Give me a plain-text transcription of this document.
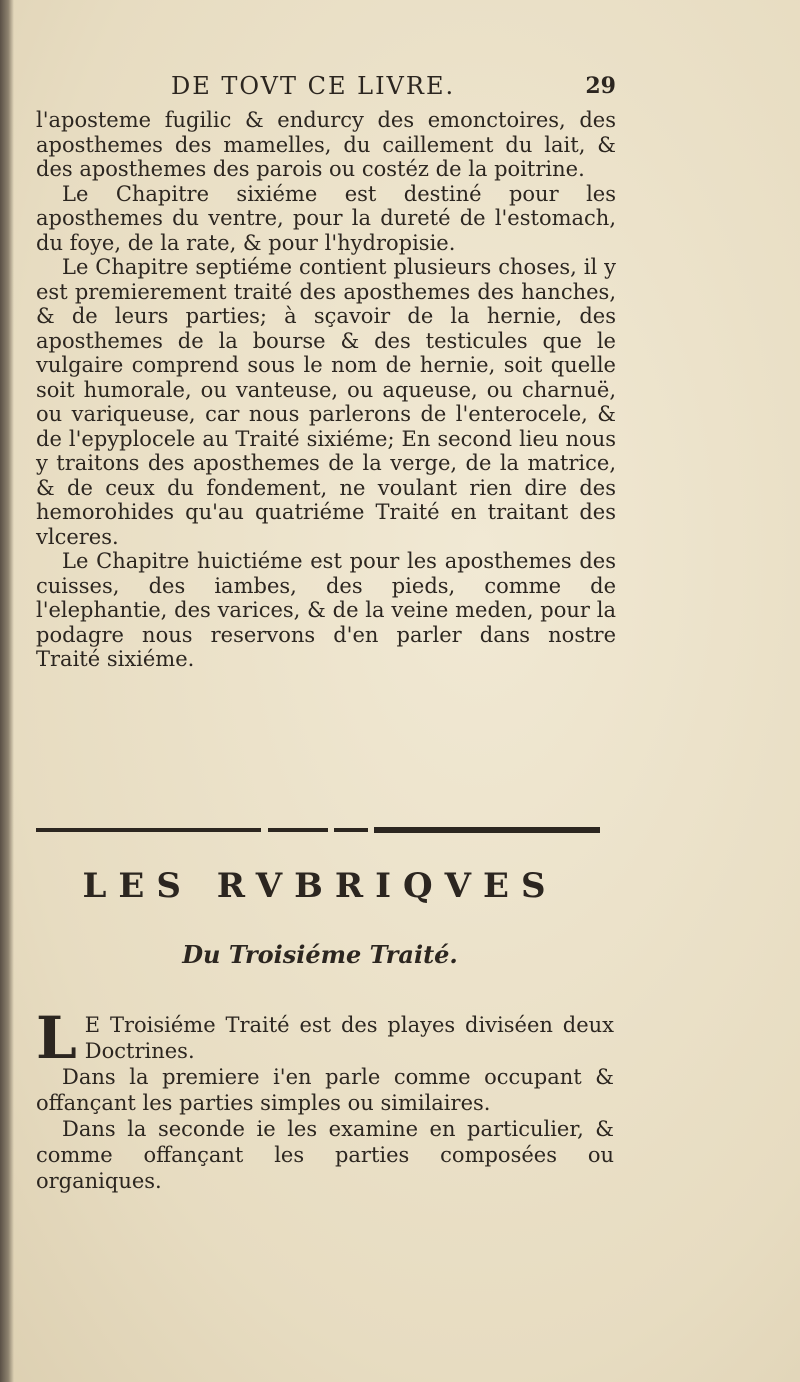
DE TOVT CE LIVRE.	29

l'aposteme fugilic & endurcy des emonctoires, des aposthemes des mamelles, du caillement du lait, & des aposthemes des parois ou costéz de la poitrine.

Le Chapitre sixiéme est destiné pour les aposthemes du ventre, pour la dureté de l'estomach, du foye, de la rate, & pour l'hydropisie.

Le Chapitre septiéme contient plusieurs choses, il y est premierement traité des aposthemes des hanches, & de leurs parties; à sçavoir de la hernie, des aposthemes de la bourse & des testicules que le vulgaire comprend sous le nom de hernie, soit quelle soit humorale, ou vanteuse, ou aqueuse, ou charnuë, ou variqueuse, car nous parlerons de l'enterocele, & de l'epyplocele au Traité sixiéme; En second lieu nous y traitons des aposthemes de la verge, de la matrice, & de ceux du fondement, ne voulant rien dire des hemorohides qu'au quatriéme Traité en traitant des vlceres.

Le Chapitre huictiéme est pour les aposthemes des cuisses, des iambes, des pieds, comme de l'elephantie, des varices, & de la veine meden, pour la podagre nous reservons d'en parler dans nostre Traité sixiéme.

LES RVBRIQVES
Du Troisiéme Traité.

L E Troisiéme Traité est des playes diviséen deux Doctrines.

Dans la premiere i'en parle comme occupant & offançant les parties simples ou similaires.

Dans la seconde ie les examine en particulier, & comme offançant les parties composées ou organiques.
